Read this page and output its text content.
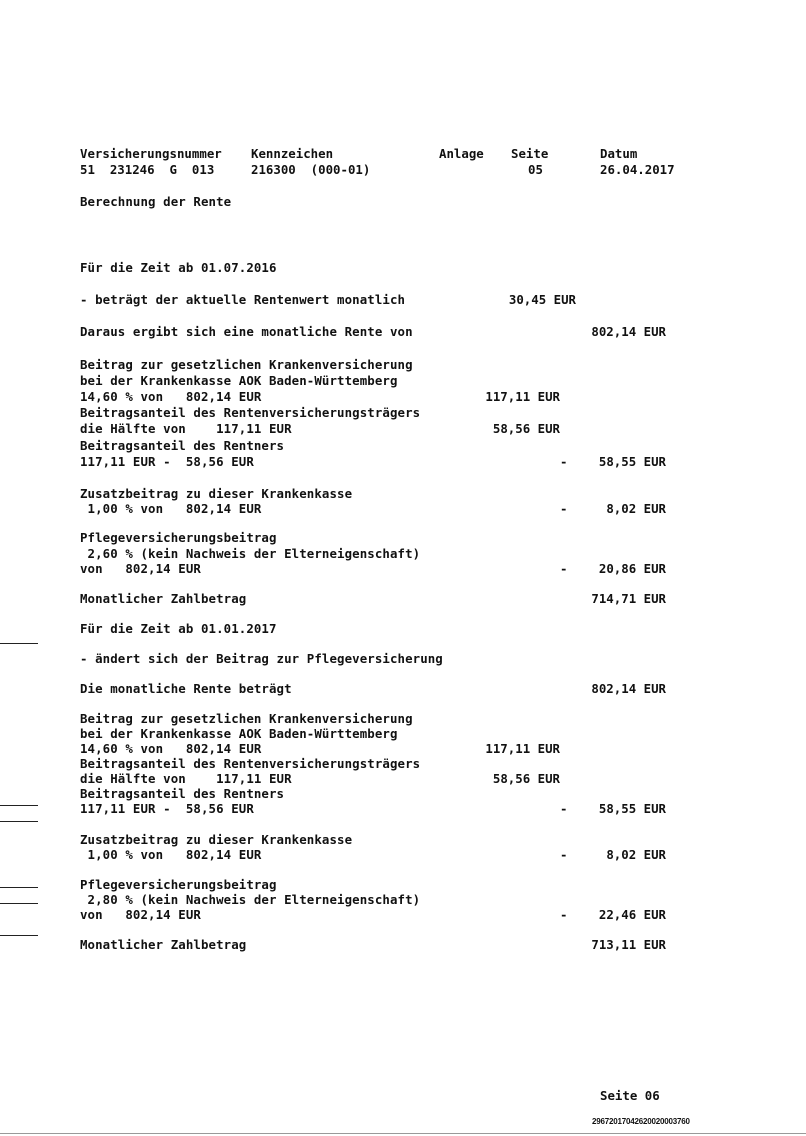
Versicherungsnummer Kennzeichen	Anlage Seite	Datum
51  231246  G  013	216300  (000-01)	05	26.04.2017
Berechnung der Rente
Für die Zeit ab 01.07.2016
- beträgt der aktuelle Rentenwert monatlich	30,45 EUR
Daraus ergibt sich eine monatliche Rente von	802,14 EUR
Beitrag zur gesetzlichen Krankenversicherung
bei der Krankenkasse AOK Baden-Württemberg
14,60 % von   802,14 EUR	117,11 EUR
Beitragsanteil des Rentenversicherungsträgers
die Hälfte von    117,11 EUR	58,56 EUR
Beitragsanteil des Rentners
117,11 EUR -  58,56 EUR	-	58,55 EUR
Zusatzbeitrag zu dieser Krankenkasse
1,00 % von   802,14 EUR	-	8,02 EUR
Pflegeversicherungsbeitrag
2,60 % (kein Nachweis der Elterneigenschaft)
von   802,14 EUR	-	20,86 EUR
Monatlicher Zahlbetrag	714,71 EUR
Für die Zeit ab 01.01.2017
- ändert sich der Beitrag zur Pflegeversicherung
Die monatliche Rente beträgt	802,14 EUR
Beitrag zur gesetzlichen Krankenversicherung
bei der Krankenkasse AOK Baden-Württemberg
14,60 % von   802,14 EUR	117,11 EUR
Beitragsanteil des Rentenversicherungsträgers
die Hälfte von    117,11 EUR	58,56 EUR
Beitragsanteil des Rentners
117,11 EUR -  58,56 EUR	-	58,55 EUR
Zusatzbeitrag zu dieser Krankenkasse
1,00 % von   802,14 EUR	-	8,02 EUR
Pflegeversicherungsbeitrag
2,80 % (kein Nachweis der Elterneigenschaft)
von   802,14 EUR	-	22,46 EUR
Monatlicher Zahlbetrag	713,11 EUR
Seite 06
29672017042620020003760
